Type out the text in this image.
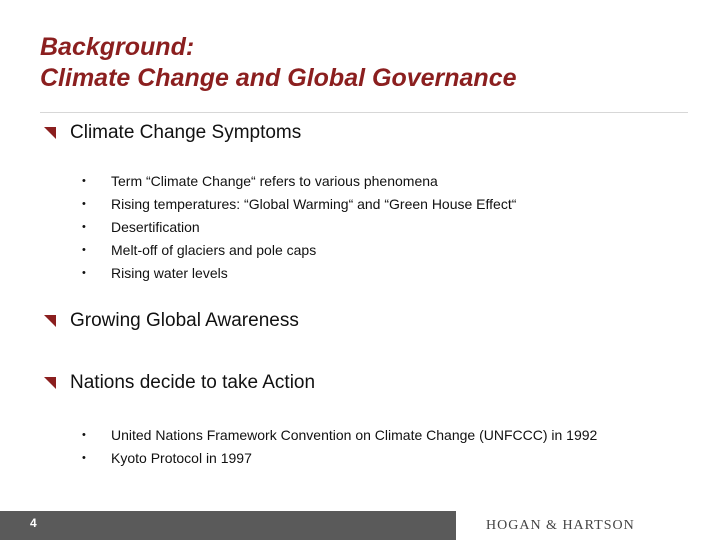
Background:
Climate Change and Global Governance
Climate Change Symptoms
•	Term “Climate Change“ refers to various phenomena
•	Rising temperatures: “Global Warming“ and “Green House Effect“
•	Desertification
•	Melt-off of glaciers and pole caps
•	Rising water levels
Growing Global Awareness
Nations decide to take Action
•	United Nations Framework Convention on Climate Change (UNFCCC) in 1992
•	Kyoto Protocol in 1997
4	HOGAN & HARTSON
